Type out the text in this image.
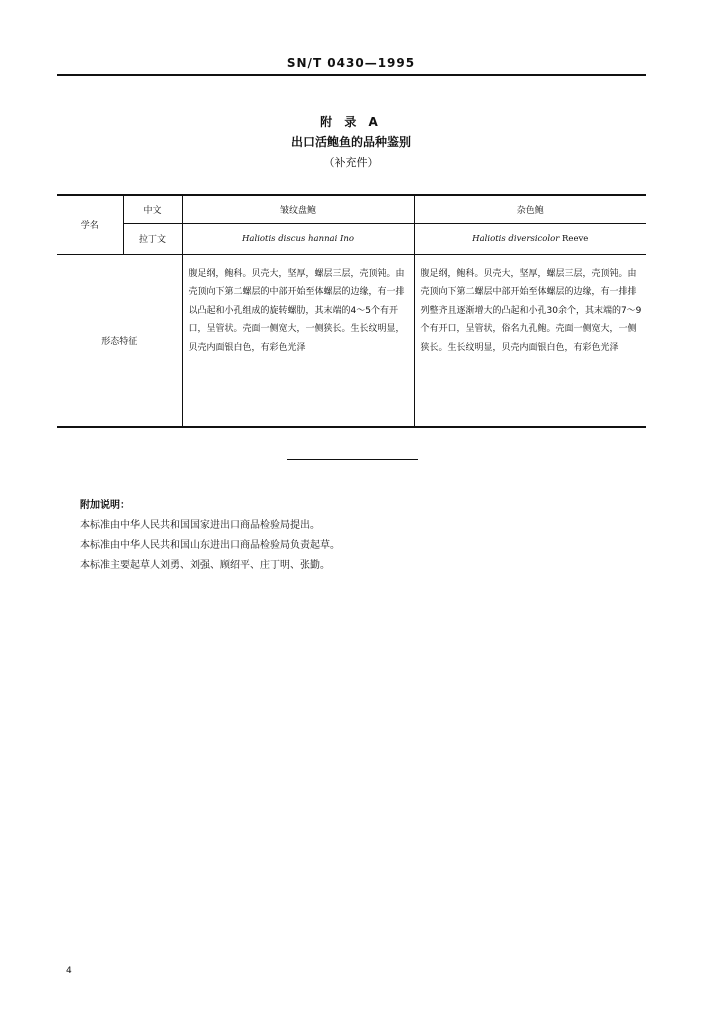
SN/T 0430—1995
附 录 A
出口活鲍鱼的品种鉴别
（补充件）
学名	中文	皱纹盘鲍	杂色鲍
	拉丁文	Haliotis discus hannai Ino	Haliotis diversicolor Reeve
形态特征		腹足纲，鲍科。贝壳大，坚厚，螺层三层，壳顶钝。由壳顶向下第二螺层的中部开始至体螺层的边缘，有一排以凸起和小孔组成的旋转螺肋，其末端的4～5个有开口，呈管状。壳面一侧宽大，一侧狭长。生长纹明显，贝壳内面银白色，有彩色光泽	腹足纲，鲍科。贝壳大，坚厚，螺层三层，壳顶钝。由壳顶向下第二螺层中部开始至体螺层的边缘，有一排排列整齐且逐渐增大的凸起和小孔30余个，其末端的7～9个有开口，呈管状，俗名九孔鲍。壳面一侧宽大，一侧狭长。生长纹明显，贝壳内面银白色，有彩色光泽
附加说明：
本标准由中华人民共和国国家进出口商品检验局提出。
本标准由中华人民共和国山东进出口商品检验局负责起草。
本标准主要起草人刘勇、刘强、顾绍平、庄丁明、张勤。
4
